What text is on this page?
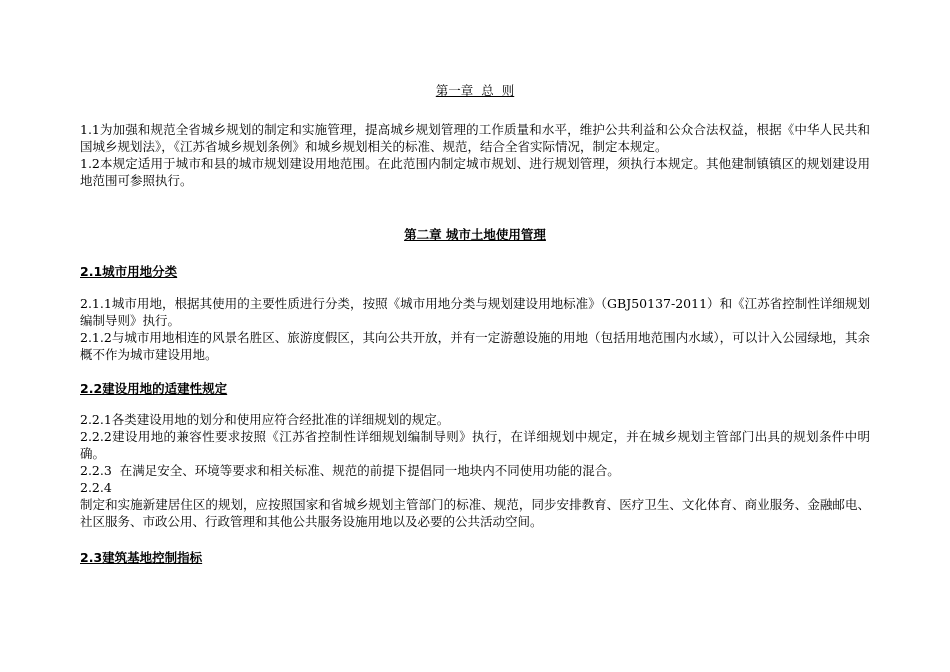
第一章  总  则

1.1为加强和规范全省城乡规划的制定和实施管理，提高城乡规划管理的工作质量和水平，维护公共利益和公众合法权益，根据《中华人民共和国城乡规划法》，《江苏省城乡规划条例》和城乡规划相关的标准、规范，结合全省实际情况，制定本规定。

1.2本规定适用于城市和县的城市规划建设用地范围。在此范围内制定城市规划、进行规划管理，须执行本规定。其他建制镇镇区的规划建设用地范围可参照执行。

第二章 城市土地使用管理
2.1城市用地分类

2.1.1城市用地，根据其使用的主要性质进行分类，按照《城市用地分类与规划建设用地标准》（GBJ50137-2011）和《江苏省控制性详细规划编制导则》执行。

2.1.2与城市用地相连的风景名胜区、旅游度假区，其向公共开放，并有一定游憩设施的用地（包括用地范围内水域），可以计入公园绿地，其余概不作为城市建设用地。

2.2建设用地的适建性规定

2.2.1各类建设用地的划分和使用应符合经批准的详细规划的规定。

2.2.2建设用地的兼容性要求按照《江苏省控制性详细规划编制导则》执行，在详细规划中规定，并在城乡规划主管部门出具的规划条件中明确。

2.2.3  在满足安全、环境等要求和相关标准、规范的前提下提倡同一地块内不同使用功能的混合。

2.2.4

制定和实施新建居住区的规划，应按照国家和省城乡规划主管部门的标准、规范，同步安排教育、医疗卫生、文化体育、商业服务、金融邮电、社区服务、市政公用、行政管理和其他公共服务设施用地以及必要的公共活动空间。

2.3建筑基地控制指标
